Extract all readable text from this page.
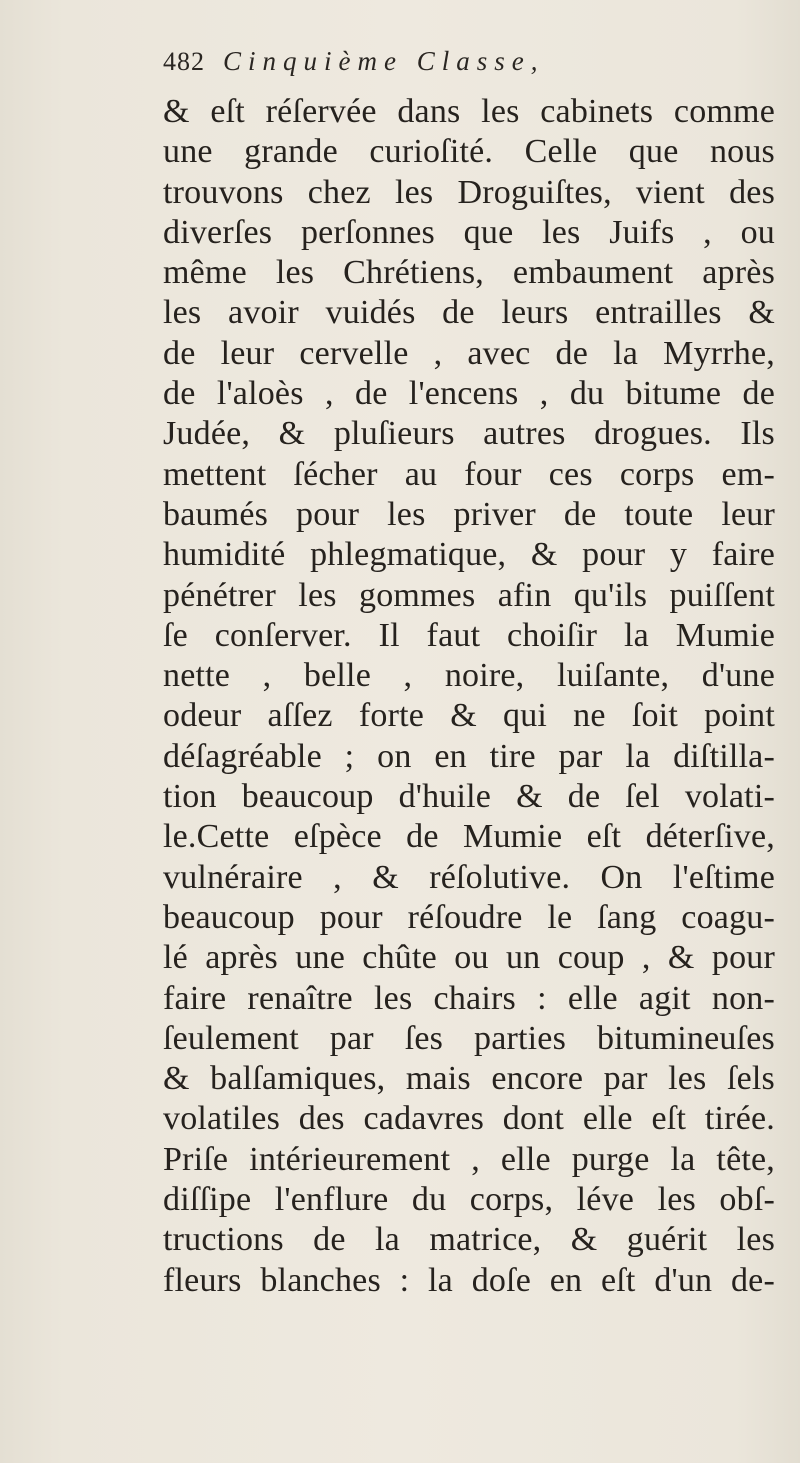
482 Cinquième Classe,
& eſt réſervée dans les cabinets comme
une grande curioſité. Celle que nous
trouvons chez les Droguiſtes, vient des
diverſes perſonnes que les Juifs , ou
même les Chrétiens, embaument après
les avoir vuidés de leurs entrailles &
de leur cervelle , avec de la Myrrhe,
de l'aloès , de l'encens , du bitume de
Judée, & pluſieurs autres drogues. Ils
mettent ſécher au four ces corps em-
baumés pour les priver de toute leur
humidité phlegmatique, & pour y faire
pénétrer les gommes afin qu'ils puiſſent
ſe conſerver. Il faut choiſir la Mumie
nette , belle , noire, luiſante, d'une
odeur aſſez forte & qui ne ſoit point
déſagréable ; on en tire par la diſtilla-
tion beaucoup d'huile & de ſel volati-
le.Cette eſpèce de Mumie eſt déterſive,
vulnéraire , & réſolutive. On l'eſtime
beaucoup pour réſoudre le ſang coagu-
lé après une chûte ou un coup , & pour
faire renaître les chairs : elle agit non-
ſeulement par ſes parties bitumineuſes
& balſamiques, mais encore par les ſels
volatiles des cadavres dont elle eſt tirée.
Priſe intérieurement , elle purge la tête,
diſſipe l'enflure du corps, léve les obſ-
tructions de la matrice, & guérit les
fleurs blanches : la doſe en eſt d'un de-
